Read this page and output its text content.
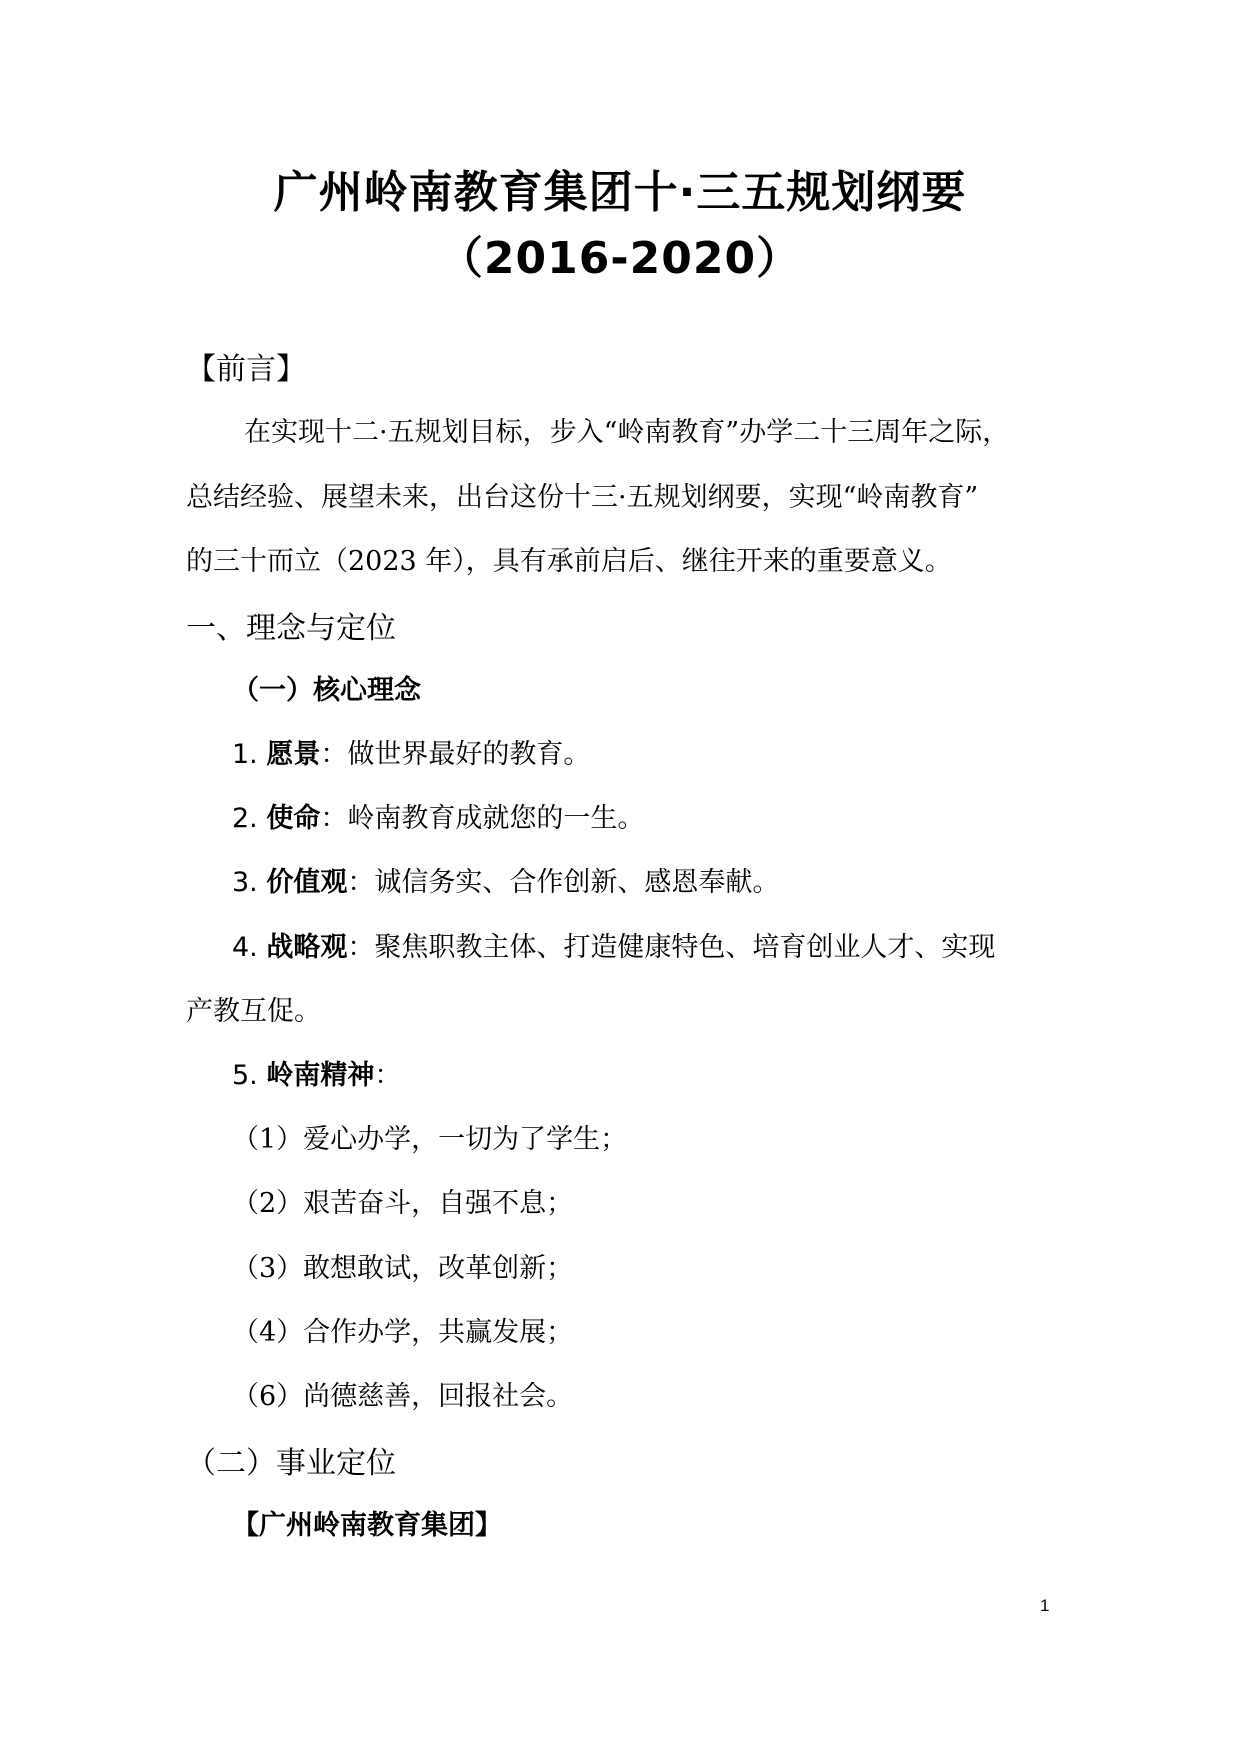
广州岭南教育集团十·三五规划纲要
（2016-2020）
【前言】
在实现十二·五规划目标，步入“岭南教育”办学二十三周年之际，
总结经验、展望未来，出台这份十三·五规划纲要，实现“岭南教育”
的三十而立（2023 年），具有承前启后、继往开来的重要意义。
一、理念与定位
（一）核心理念
1. 愿景：做世界最好的教育。
2. 使命：岭南教育成就您的一生。
3. 价值观：诚信务实、合作创新、感恩奉献。
4. 战略观：聚焦职教主体、打造健康特色、培育创业人才、实现
产教互促。
5. 岭南精神：
（1）爱心办学，一切为了学生；
（2）艰苦奋斗，自强不息；
（3）敢想敢试，改革创新；
（4）合作办学，共赢发展；
（6）尚德慈善，回报社会。
（二）事业定位
【广州岭南教育集团】
1
